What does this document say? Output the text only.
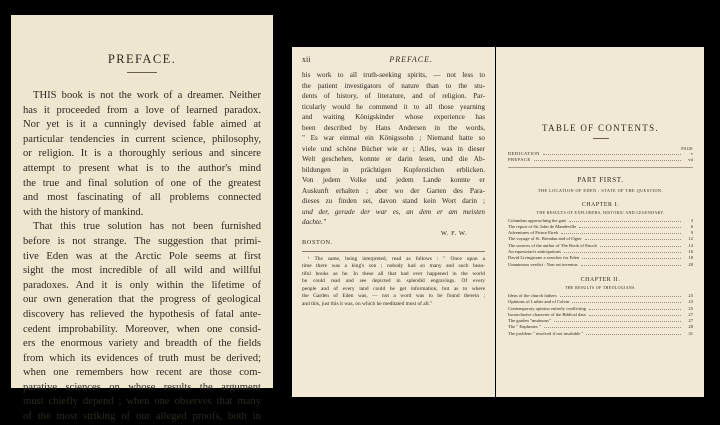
PREFACE.
THIS book is not the work of a dreamer. Neither
has it proceeded from a love of learned paradox.
Nor yet is it a cunningly devised fable aimed at
particular tendencies in current science, philosophy,
or religion. It is a thoroughly serious and sincere
attempt to present what is to the author's mind
the true and final solution of one of the greatest
and most fascinating of all problems connected
with the history of mankind.
That this true solution has not been furnished
before is not strange. The suggestion that primi-
tive Eden was at the Arctic Pole seems at first
sight the most incredible of all wild and willful
paradoxes. And it is only within the lifetime of
our own generation that the progress of geological
discovery has relieved the hypothesis of fatal ante-
cedent improbability. Moreover, when one consid-
ers the enormous variety and breadth of the fields
from which its evidences of truth must be derived;
when one remembers how recent are those com-
parative sciences on whose results the argument
must chiefly depend ; when one observes that many
of the most striking of our alleged proofs, both in
xii	PREFACE.
his work to all truth-seeking spirits, — not less to
the patient investigators of nature than to the stu-
dents of history, of literature, and of religion. Par-
ticularly would he commend it to all those yearning
and waiting Königskinder whose experience has
been described by Hans Andersen in the words,
" Es war einmal ein Königssohn ; Niemand hatte so
viele und schöne Bücher wie er ; Alles, was in dieser
Welt geschehen, konnte er darin lesen, und die Ab-
bildungen in prächtigen Kupferstichen erblicken.
Von jedem Volke und jedem Lande konnte er
Auskunft erhalten ; aber wo der Garten des Para-
dieses zu finden sei, davon stand kein Wort darin ;
und der, gerade der war es, an dem er am meisten
dachte."
W. F. W.
BOSTON.
¹ The same, being interpreted, read as follows : " Once upon a
time there was a king's son ; nobody had so many and such beau-
tiful books as he. In these all that had ever happened in the world
he could read and see depicted in splendid engravings. Of every
people and of every land could he get information, but as to where
the Garden of Eden was, — not a word was to be found therein ;
and this, just this it was, on which he meditated most of all."
TABLE OF CONTENTS.
PAGE
DEDICATION	v
PREFACE	vii
PART FIRST.
THE LOCATION OF EDEN : STATE OF THE QUESTION.
CHAPTER I.
THE RESULTS OF EXPLORERS, HISTORIC AND LEGENDARY.
Columbus approaching the gate	3
The report of Sir John de Mandeville	6
Adventures of Prince Eirek	9
The voyage of St. Brendan and of Ogier	12
The sources of the author of The Book of Enoch	14
An equestrian's anticipations	16
David Livingstone a searcher for Eden	18
Unanimous verdict : Non est inventus	20
CHAPTER II.
THE RESULTS OF THEOLOGIANS.
Ideas of the church fathers	23
Opinions of Luther and of Calvin	23
Contemporary opinion entirely conflicting	25
Inconclusive character of the Biblical data	27
The garden "mutinous"	27
The " Euphrates "	28
The problem " resolved if not insoluble "	31
